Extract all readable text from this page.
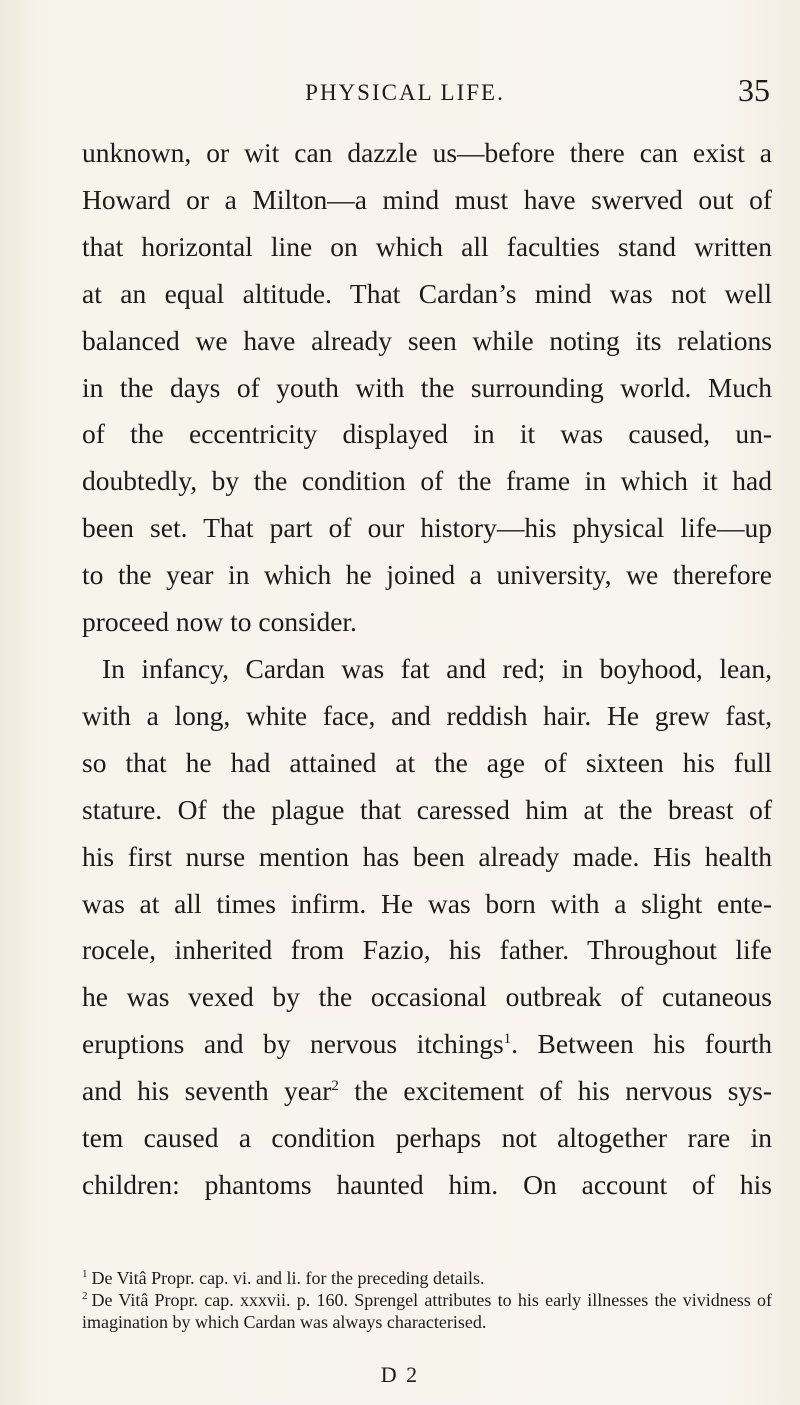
PHYSICAL LIFE.	35

unknown, or wit can dazzle us—before there can exist a
Howard or a Milton—a mind must have swerved out of
that horizontal line on which all faculties stand written
at an equal altitude. That Cardan’s mind was not well
balanced we have already seen while noting its relations
in the days of youth with the surrounding world. Much
of the eccentricity displayed in it was caused, un-
doubtedly, by the condition of the frame in which it had
been set. That part of our history—his physical life—up
to the year in which he joined a university, we therefore
proceed now to consider.

In infancy, Cardan was fat and red; in boyhood, lean,
with a long, white face, and reddish hair. He grew fast,
so that he had attained at the age of sixteen his full
stature. Of the plague that caressed him at the breast of
his first nurse mention has been already made. His health
was at all times infirm. He was born with a slight ente-
rocele, inherited from Fazio, his father. Throughout life
he was vexed by the occasional outbreak of cutaneous
eruptions and by nervous itchings$^1$. Between his fourth
and his seventh year$^2$ the excitement of his nervous sys-
tem caused a condition perhaps not altogether rare in
children: phantoms haunted him. On account of his

$^1$ De Vitâ Propr. cap. vi. and li. for the preceding details.

$^2$ De Vitâ Propr. cap. xxxvii. p. 160. Sprengel attributes to his early illnesses the vividness of imagination by which Cardan was always characterised.

D 2
